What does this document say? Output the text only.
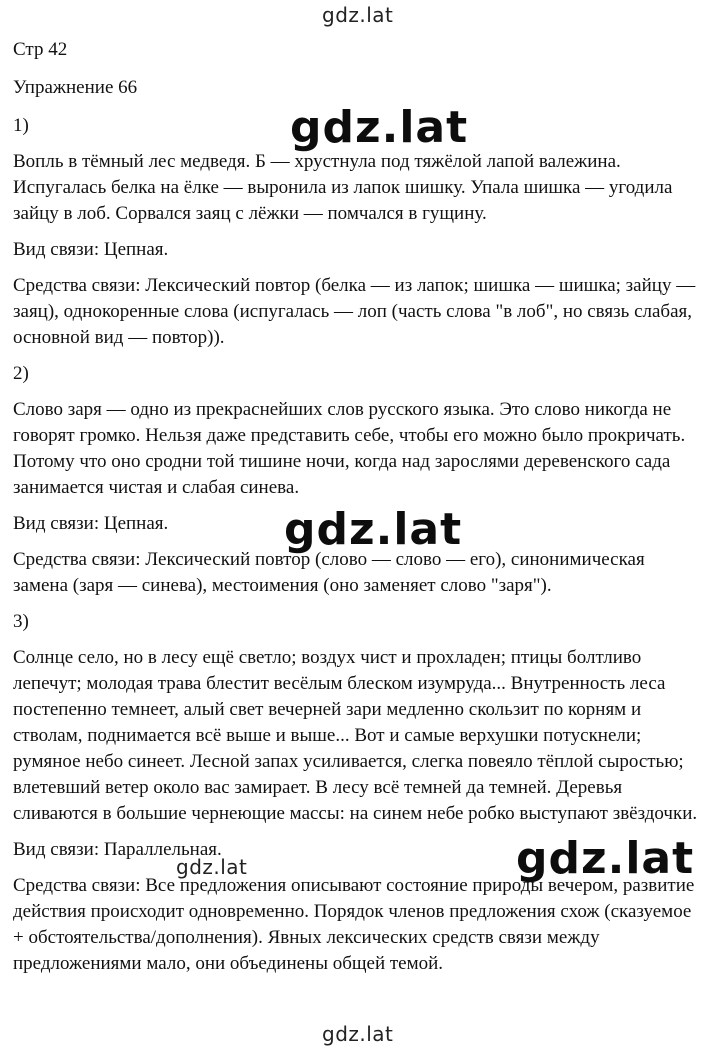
gdz.lat

Стр 42

Упражнение 66

1)

Вопль в тёмный лес медведя. Б — хрустнула под тяжёлой лапой валежина. Испугалась белка на ёлке — выронила из лапок шишку. Упала шишка — угодила зайцу в лоб. Сорвался заяц с лёжки — помчался в гущину.

Вид связи: Цепная.

Средства связи: Лексический повтор (белка — из лапок; шишка — шишка; зайцу — заяц), однокоренные слова (испугалась — лоп (часть слова "в лоб", но связь слабая, основной вид — повтор)).

2)

Слово заря — одно из прекраснейших слов русского языка. Это слово никогда не говорят громко. Нельзя даже представить себе, чтобы его можно было прокричать. Потому что оно сродни той тишине ночи, когда над зарослями деревенского сада занимается чистая и слабая синева.

Вид связи: Цепная.

Средства связи: Лексический повтор (слово — слово — его), синонимическая замена (заря — синева), местоимения (оно заменяет слово "заря").

3)

Солнце село, но в лесу ещё светло; воздух чист и прохладен; птицы болтливо лепечут; молодая трава блестит весёлым блеском изумруда... Внутренность леса постепенно темнеет, алый свет вечерней зари медленно скользит по корням и стволам, поднимается всё выше и выше... Вот и самые верхушки потускнели; румяное небо синеет. Лесной запах усиливается, слегка повеяло тёплой сыростью; влетевший ветер около вас замирает. В лесу всё темней да темней. Деревья сливаются в большие чернеющие массы: на синем небе робко выступают звёздочки.

Вид связи: Параллельная.

Средства связи: Все предложения описывают состояние природы вечером, развитие действия происходит одновременно. Порядок членов предложения схож (сказуемое + обстоятельства/дополнения). Явных лексических средств связи между предложениями мало, они объединены общей темой.

gdz.lat
gdz.lat
gdz.lat
gdz.lat
gdz.lat
